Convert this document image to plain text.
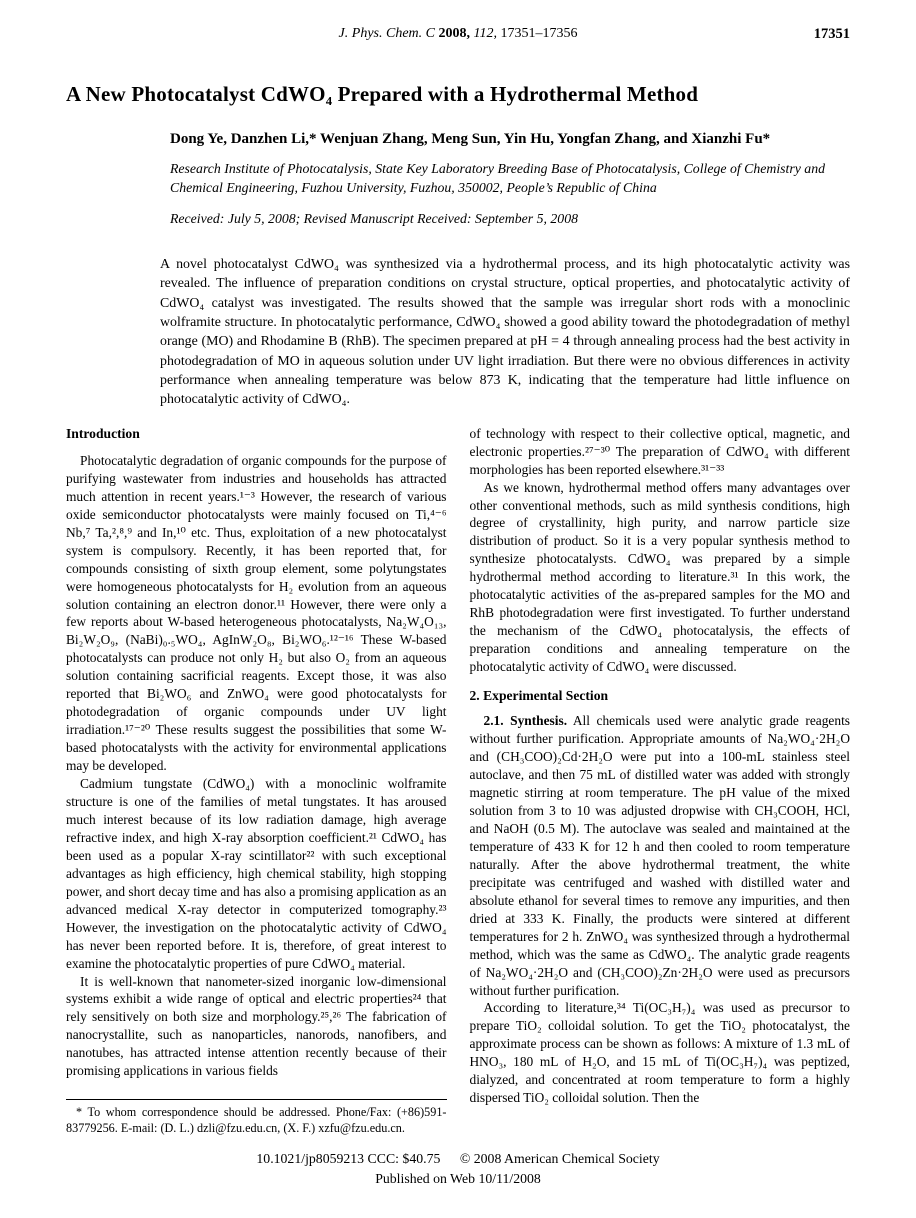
J. Phys. Chem. C 2008, 112, 17351–17356	17351
A New Photocatalyst CdWO₄ Prepared with a Hydrothermal Method
Dong Ye, Danzhen Li,* Wenjuan Zhang, Meng Sun, Yin Hu, Yongfan Zhang, and Xianzhi Fu*
Research Institute of Photocatalysis, State Key Laboratory Breeding Base of Photocatalysis, College of Chemistry and Chemical Engineering, Fuzhou University, Fuzhou, 350002, People’s Republic of China
Received: July 5, 2008; Revised Manuscript Received: September 5, 2008
A novel photocatalyst CdWO₄ was synthesized via a hydrothermal process, and its high photocatalytic activity was revealed. The influence of preparation conditions on crystal structure, optical properties, and photocatalytic activity of CdWO₄ catalyst was investigated. The results showed that the sample was irregular short rods with a monoclinic wolframite structure. In photocatalytic performance, CdWO₄ showed a good ability toward the photodegradation of methyl orange (MO) and Rhodamine B (RhB). The specimen prepared at pH = 4 through annealing process had the best activity in photodegradation of MO in aqueous solution under UV light irradiation. But there were no obvious differences in activity performance when annealing temperature was below 873 K, indicating that the temperature had little influence on photocatalytic activity of CdWO₄.

Introduction

Photocatalytic degradation of organic compounds for the purpose of purifying wastewater from industries and households has attracted much attention in recent years.¹⁻³ However, the research of various oxide semiconductor photocatalysts were mainly focused on Ti,⁴⁻⁶ Nb,⁷ Ta,²,⁸,⁹ and In,¹⁰ etc. Thus, exploitation of a new photocatalyst system is compulsory. Recently, it has been reported that, for compounds consisting of sixth group element, some polytungstates were homogeneous photocatalysts for H₂ evolution from an aqueous solution containing an electron donor.¹¹ However, there were only a few reports about W-based heterogeneous photocatalysts, Na₂W₄O₁₃, Bi₂W₂O₉, (NaBi)₀.₅WO₄, AgInW₂O₈, Bi₂WO₆.¹²⁻¹⁶ These W-based photocatalysts can produce not only H₂ but also O₂ from an aqueous solution containing sacrificial reagents. Except those, it was also reported that Bi₂WO₆ and ZnWO₄ were good photocatalysts for photodegradation of organic compounds under UV light irradiation.¹⁷⁻²⁰ These results suggest the possibilities that some W-based photocatalysts with the activity for environmental applications may be developed.

Cadmium tungstate (CdWO₄) with a monoclinic wolframite structure is one of the families of metal tungstates. It has aroused much interest because of its low radiation damage, high average refractive index, and high X-ray absorption coefficient.²¹ CdWO₄ has been used as a popular X-ray scintillator²² with such exceptional advantages as high efficiency, high chemical stability, high stopping power, and short decay time and has also a promising application as an advanced medical X-ray detector in computerized tomography.²³ However, the investigation on the photocatalytic activity of CdWO₄ has never been reported before. It is, therefore, of great interest to examine the photocatalytic properties of pure CdWO₄ material.

It is well-known that nanometer-sized inorganic low-dimensional systems exhibit a wide range of optical and electric properties²⁴ that rely sensitively on both size and morphology.²⁵,²⁶ The fabrication of nanocrystallite, such as nanoparticles, nanorods, nanofibers, and nanotubes, has attracted intense attention recently because of their promising applications in various fields

* To whom correspondence should be addressed. Phone/Fax: (+86)591-83779256. E-mail: (D. L.) dzli@fzu.edu.cn, (X. F.) xzfu@fzu.edu.cn.

of technology with respect to their collective optical, magnetic, and electronic properties.²⁷⁻³⁰ The preparation of CdWO₄ with different morphologies has been reported elsewhere.³¹⁻³³

As we known, hydrothermal method offers many advantages over other conventional methods, such as mild synthesis conditions, high degree of crystallinity, high purity, and narrow particle size distribution of product. So it is a very popular synthesis method to synthesize photocatalysts. CdWO₄ was prepared by a simple hydrothermal method according to literature.³¹ In this work, the photocatalytic activities of the as-prepared samples for the MO and RhB photodegradation were first investigated. To further understand the mechanism of the CdWO₄ photocatalysis, the effects of preparation conditions and annealing temperature on the photocatalytic activity of CdWO₄ were discussed.

2. Experimental Section

2.1. Synthesis. All chemicals used were analytic grade reagents without further purification. Appropriate amounts of Na₂WO₄·2H₂O and (CH₃COO)₂Cd·2H₂O were put into a 100-mL stainless steel autoclave, and then 75 mL of distilled water was added with strongly magnetic stirring at room temperature. The pH value of the mixed solution from 3 to 10 was adjusted dropwise with CH₃COOH, HCl, and NaOH (0.5 M). The autoclave was sealed and maintained at the temperature of 433 K for 12 h and then cooled to room temperature naturally. After the above hydrothermal treatment, the white precipitate was centrifuged and washed with distilled water and absolute ethanol for several times to remove any impurities, and then dried at 333 K. Finally, the products were sintered at different temperatures for 2 h. ZnWO₄ was synthesized through a hydrothermal method, which was the same as CdWO₄. The analytic grade reagents of Na₂WO₄·2H₂O and (CH₃COO)₂Zn·2H₂O were used as precursors without further purification.

According to literature,³⁴ Ti(OC₃H₇)₄ was used as precursor to prepare TiO₂ colloidal solution. To get the TiO₂ photocatalyst, the approximate process can be shown as follows: A mixture of 1.3 mL of HNO₃, 180 mL of H₂O, and 15 mL of Ti(OC₃H₇)₄ was peptized, dialyzed, and concentrated at room temperature to form a highly dispersed TiO₂ colloidal solution. Then the

10.1021/jp8059213 CCC: $40.75 © 2008 American Chemical Society
Published on Web 10/11/2008
